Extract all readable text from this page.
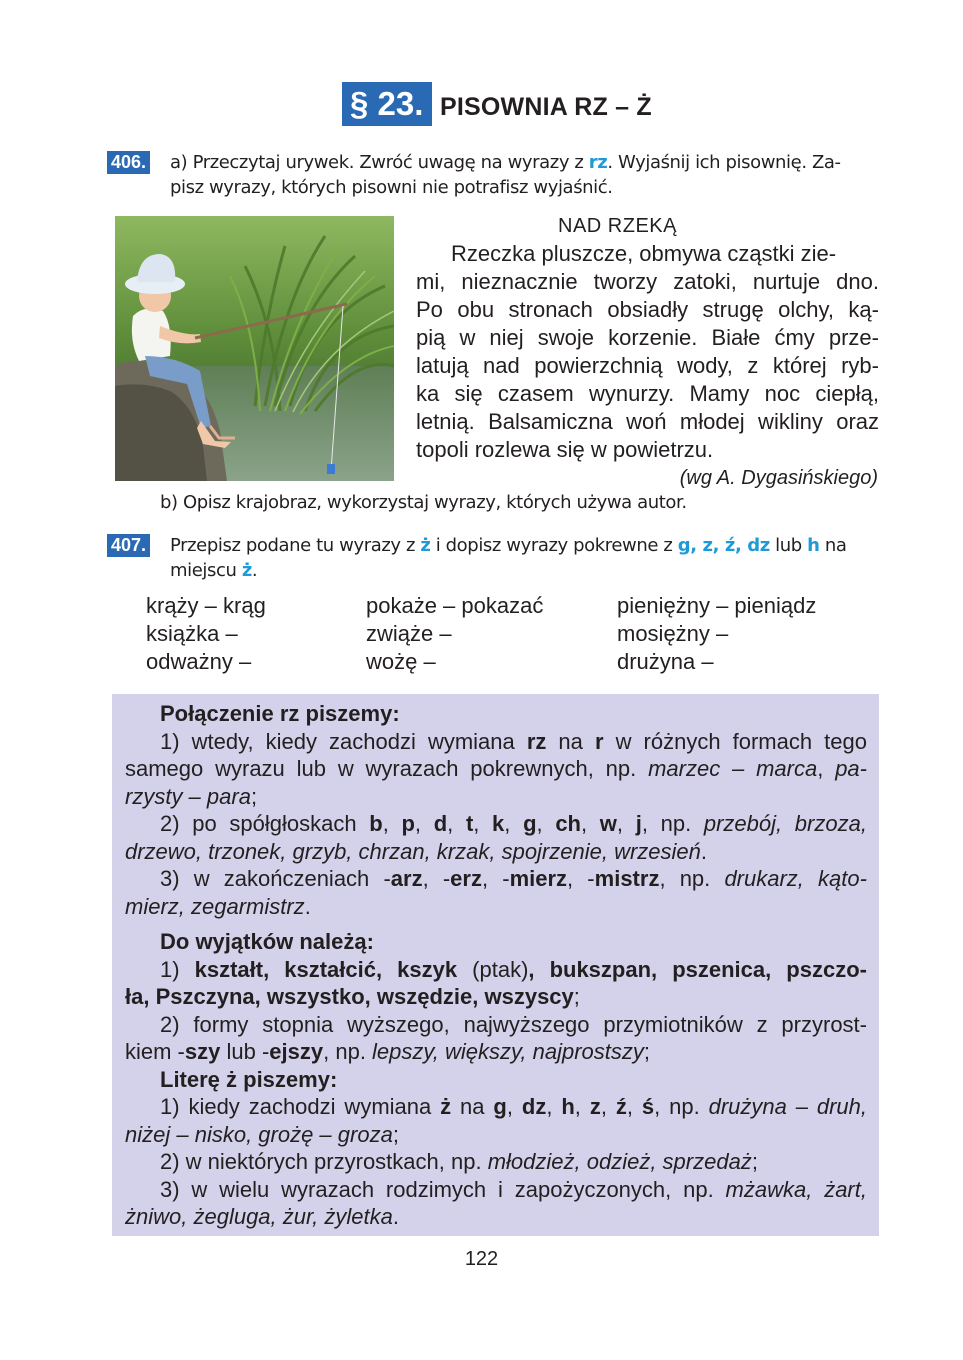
§ 23. PISOWNIA RZ – Ż
406. a) Przeczytaj urywek. Zwróć uwagę na wyrazy z rz. Wyjaśnij ich pisownię. Za-
pisz wyrazy, których pisowni nie potrafisz wyjaśnić.
NAD RZEKĄ
Rzeczka pluszcze, obmywa cząstki zie-
mi, nieznacznie tworzy zatoki, nurtuje dno.
Po obu stronach obsiadły strugę olchy, ką-
pią w niej swoje korzenie. Białe ćmy prze-
latują nad powierzchnią wody, z której ryb-
ka się czasem wynurzy. Mamy noc ciepłą,
letnią. Balsamiczna woń młodej wikliny oraz
topoli rozlewa się w powietrzu.
(wg A. Dygasińskiego)
b) Opisz krajobraz, wykorzystaj wyrazy, których używa autor.
407. Przepisz podane tu wyrazy z ż i dopisz wyrazy pokrewne z g, z, ź, dz lub h na
miejscu ż.
krąży – krąg
książka –
odważny –
pokaże – pokazać
zwiąże –
wożę –
pieniężny – pieniądz
mosiężny –
drużyna –
Połączenie rz piszemy:
1) wtedy, kiedy zachodzi wymiana rz na r w różnych formach tego
samego wyrazu lub w wyrazach pokrewnych, np. marzec – marca, pa-
rzysty – para;
2) po spółgłoskach b, p, d, t, k, g, ch, w, j, np. przebój, brzoza,
drzewo, trzonek, grzyb, chrzan, krzak, spojrzenie, wrzesień.
3) w zakończeniach -arz, -erz, -mierz, -mistrz, np. drukarz, kąto-
mierz, zegarmistrz.
Do wyjątków należą:
1) kształt, kształcić, kszyk (ptak), bukszpan, pszenica, pszczo-
ła, Pszczyna, wszystko, wszędzie, wszyscy;
2) formy stopnia wyższego, najwyższego przymiotników z przyrost-
kiem -szy lub -ejszy, np. lepszy, większy, najprostszy;
Literę ż piszemy:
1) kiedy zachodzi wymiana ż na g, dz, h, z, ź, ś, np. drużyna – druh,
niżej – nisko, grożę – groza;
2) w niektórych przyrostkach, np. młodzież, odzież, sprzedaż;
3) w wielu wyrazach rodzimych i zapożyczonych, np. mżawka, żart,
żniwo, żegluga, żur, żyletka.
122
